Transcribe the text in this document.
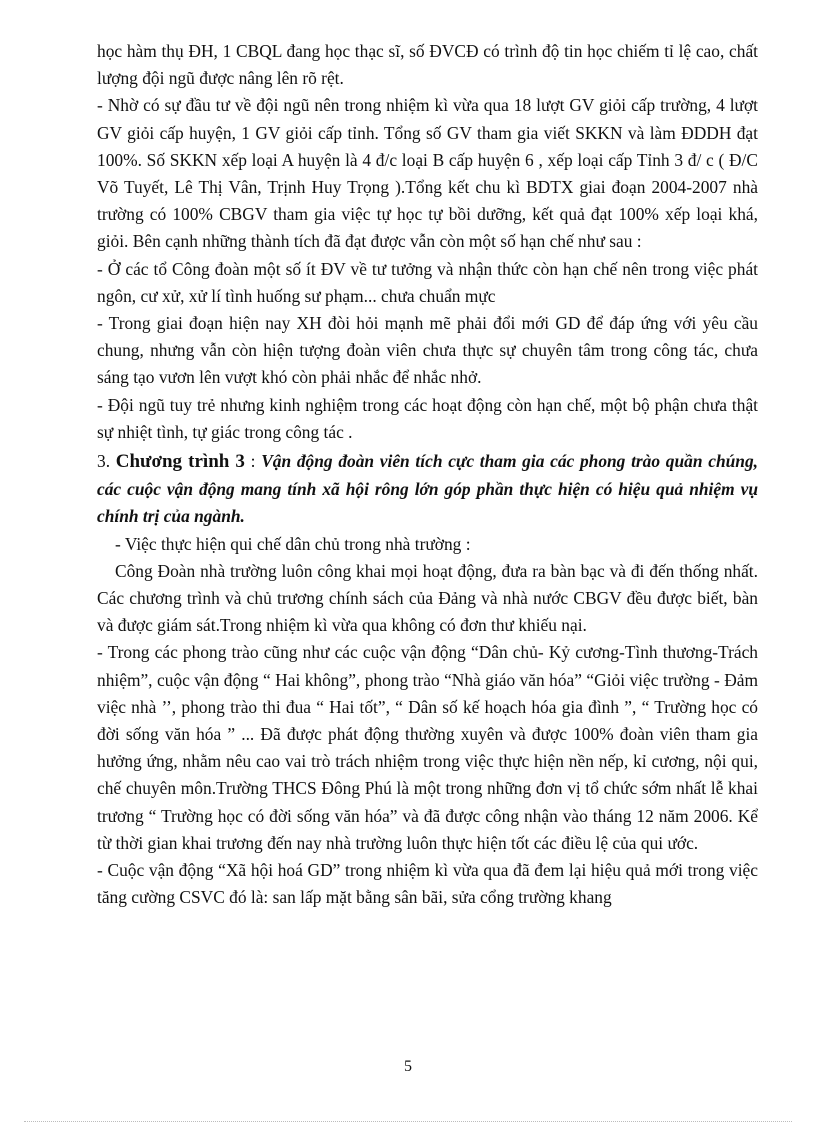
học hàm thụ ĐH, 1 CBQL đang học thạc sĩ, số ĐVCĐ có trình độ tin học chiếm tỉ lệ cao, chất lượng đội ngũ được nâng lên rõ rệt.

- Nhờ có sự đầu tư về đội ngũ nên trong nhiệm kì vừa qua 18 lượt GV giỏi cấp trường, 4 lượt GV giỏi cấp huyện, 1 GV giỏi cấp tỉnh. Tổng số GV tham gia viết SKKN và làm ĐDDH đạt 100%. Số SKKN xếp loại A huyện là 4 đ/c loại B cấp huyện 6 , xếp loại cấp Tỉnh 3 đ/ c ( Đ/C Võ Tuyết, Lê Thị Vân, Trịnh Huy Trọng ).Tổng kết chu kì BDTX giai đoạn 2004-2007 nhà trường có 100% CBGV tham gia việc tự học tự bồi dưỡng, kết quả đạt 100% xếp loại khá, giỏi. Bên cạnh những thành tích đã đạt được vẫn còn một số hạn chế như sau :

- Ở các tổ Công đoàn một số ít ĐV về tư tưởng và nhận thức còn hạn chế nên trong việc phát ngôn, cư xử, xử lí tình huống sư phạm... chưa chuẩn mực

- Trong giai đoạn hiện nay XH đòi hỏi mạnh mẽ phải đổi mới GD để đáp ứng với yêu cầu chung, nhưng vẫn còn hiện tượng đoàn viên chưa thực sự chuyên tâm trong công tác, chưa sáng tạo vươn lên vượt khó còn phải nhắc để nhắc nhở.

- Đội ngũ tuy trẻ nhưng kinh nghiệm trong các hoạt động còn hạn chế, một bộ phận chưa thật sự nhiệt tình, tự giác trong công tác .

3. Chương trình 3 : Vận động đoàn viên tích cực tham gia các phong trào quần chúng, các cuộc vận động mang tính xã hội rông lớn góp phần thực hiện có hiệu quả nhiệm vụ chính trị của ngành.

- Việc thực hiện qui chế dân chủ trong nhà trường :

Công Đoàn nhà trường luôn công khai mọi hoạt động, đưa ra bàn bạc và đi đến thống nhất. Các chương trình và chủ trương chính sách của Đảng và nhà nước CBGV đều được biết, bàn và được giám sát.Trong nhiệm kì vừa qua không có đơn thư khiếu nại.

- Trong các phong trào cũng như các cuộc vận động “Dân chủ- Kỷ cương-Tình thương-Trách nhiệm”, cuộc vận động “ Hai không”, phong trào “Nhà giáo văn hóa” “Giỏi việc trường - Đảm việc nhà ’’, phong trào thi đua “ Hai tốt”, “ Dân số kế hoạch hóa gia đình ”, “ Trường học có đời sống văn hóa ” ... Đã được phát động thường xuyên và được 100% đoàn viên tham gia hưởng ứng, nhằm nêu cao vai trò trách nhiệm trong việc thực hiện nền nếp, kỉ cương, nội qui, chế chuyên môn.Trường THCS Đông Phú là một trong những đơn vị tổ chức sớm nhất lễ khai trương “ Trường học có đời sống văn hóa” và đã được công nhận vào tháng 12 năm 2006. Kể từ thời gian khai trương đến nay nhà trường luôn thực hiện tốt các điều lệ của qui ước.

- Cuộc vận động “Xã hội hoá GD” trong nhiệm kì vừa qua đã đem lại hiệu quả mới trong việc tăng cường CSVC đó là: san lấp mặt bằng sân bãi, sửa cổng trường khang

5
